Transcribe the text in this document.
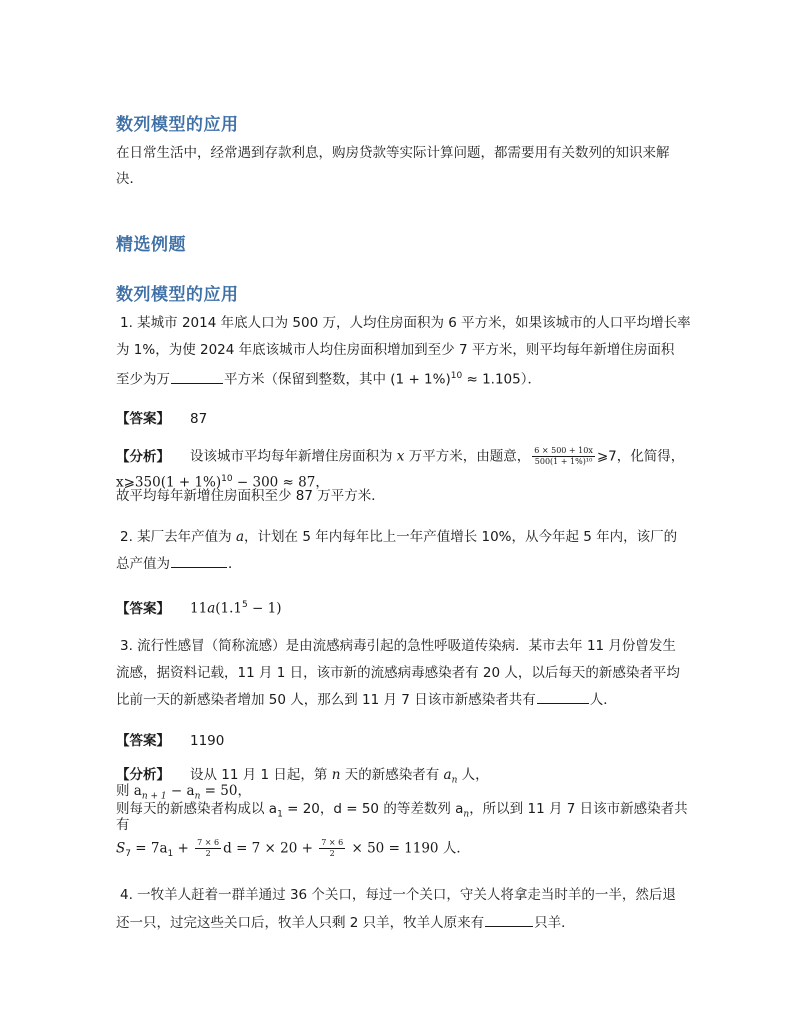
数列模型的应用
在日常生活中，经常遇到存款利息，购房贷款等实际计算问题，都需要用有关数列的知识来解
决．
精选例题
数列模型的应用
1. 某城市 2014 年底人口为 500 万，人均住房面积为 6 平方米，如果该城市的人口平均增长率
为 1%，为使 2024 年底该城市人均住房面积增加到至少 7 平方米，则平均每年新增住房面积
至少为万	平方米（保留到整数，其中 $(1 + 1\%)^{10} \approx 1.105$）．
【答案】 87
【分析】 设该城市平均每年新增住房面积为 x 万平方米，由题意， $\frac{6 \times 500 + 10x}{\text{500(1 + 1\%)¹⁰}}$ ⩾7，化简得，
x⩾350(1 + 1%)$^{10}$ − 300 ≈ 87，
故平均每年新增住房面积至少 87 万平方米．
2. 某厂去年产值为 a，计划在 5 年内每年比上一年产值增长 10%，从今年起 5 年内，该厂的
总产值为	．
【答案】 $11a(1.1^5 - 1)$
3. 流行性感冒（简称流感）是由流感病毒引起的急性呼吸道传染病．某市去年 11 月份曾发生
流感，据资料记载，11 月 1 日，该市新的流感病毒感染者有 20 人，以后每天的新感染者平均
比前一天的新感染者增加 50 人，那么到 11 月 7 日该市新感染者共有	人．
【答案】 1190
【分析】 设从 11 月 1 日起，第 n 天的新感染者有 $a_n$ 人，
则 $a_{n + 1} - a_n = 50$，
则每天的新感染者构成以 $a_1 = 20$，d = 50 的等差数列 $a_n$，所以到 11 月 7 日该市新感染者共
有
$S_7 = 7a_1 + \frac{7 \times 6}{2}$ $d = 7 \times 20 + \frac{7 \times 6}{2} \times 50 = 1190$ 人．
4. 一牧羊人赶着一群羊通过 36 个关口，每过一个关口，守关人将拿走当时羊的一半，然后退
还一只，过完这些关口后，牧羊人只剩 2 只羊，牧羊人原来有	只羊．
